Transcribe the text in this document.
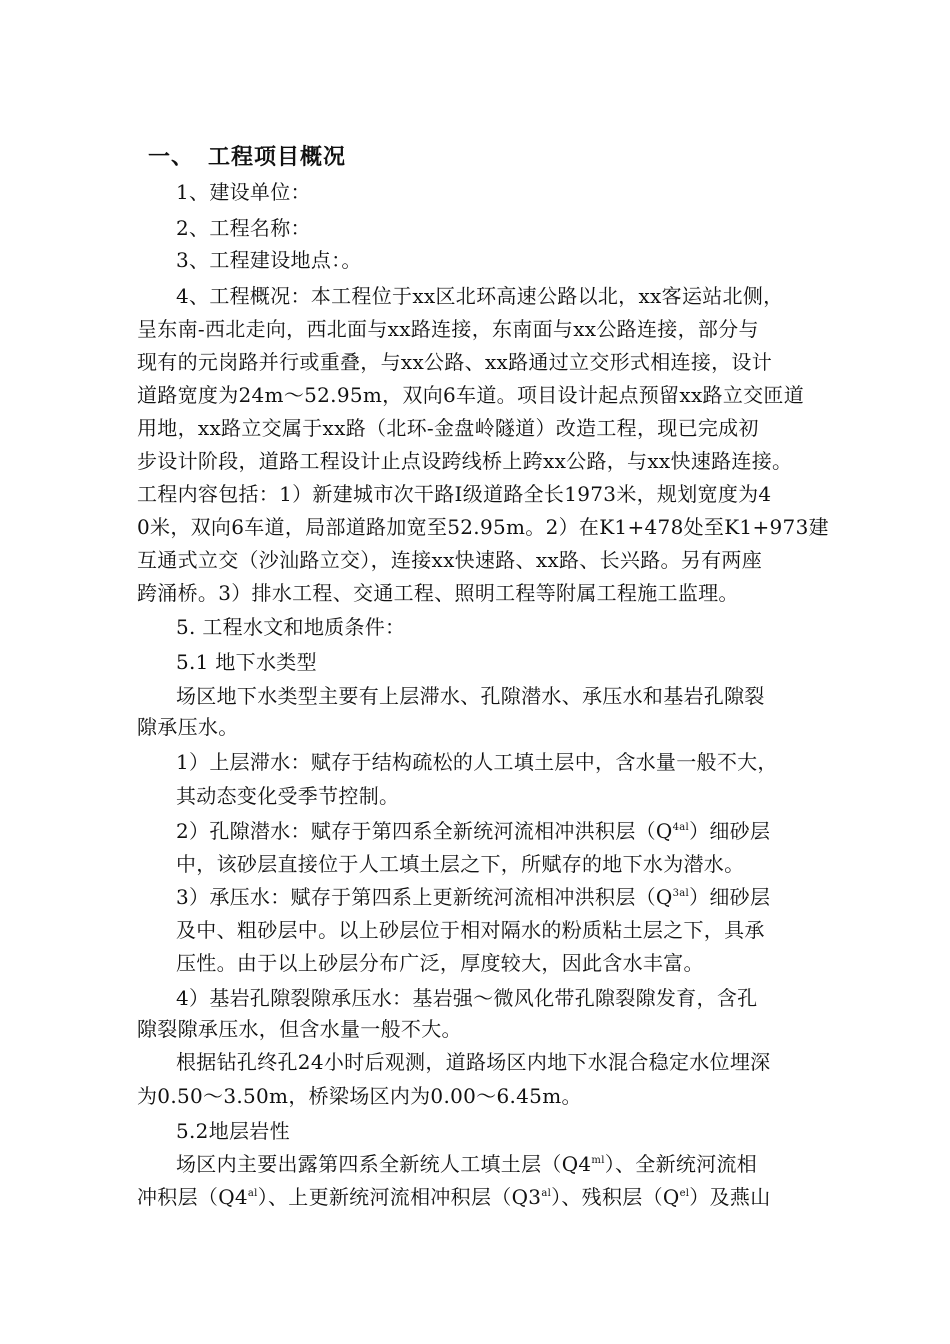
一、 工程项目概况
1、建设单位：
2、工程名称：
3、工程建设地点：。
4、工程概况：本工程位于xx区北环高速公路以北，xx客运站北侧，
呈东南-西北走向，西北面与xx路连接，东南面与xx公路连接，部分与
现有的元岗路并行或重叠，与xx公路、xx路通过立交形式相连接，设计
道路宽度为24m～52.95m，双向6车道。项目设计起点预留xx路立交匝道
用地，xx路立交属于xx路（北环-金盘岭隧道）改造工程，现已完成初
步设计阶段，道路工程设计止点设跨线桥上跨xx公路，与xx快速路连接。
工程内容包括：1）新建城市次干路Ⅰ级道路全长1973米，规划宽度为4
0米，双向6车道，局部道路加宽至52.95m。2）在K1+478处至K1+973建
互通式立交（沙汕路立交），连接xx快速路、xx路、长兴路。另有两座
跨涌桥。3）排水工程、交通工程、照明工程等附属工程施工监理。
5. 工程水文和地质条件：
5.1 地下水类型
场区地下水类型主要有上层滞水、孔隙潜水、承压水和基岩孔隙裂
隙承压水。
1）上层滞水：赋存于结构疏松的人工填土层中，含水量一般不大，
其动态变化受季节控制。
2）孔隙潜水：赋存于第四系全新统河流相冲洪积层$(Q^{4al})$细砂层
中，该砂层直接位于人工填土层之下，所赋存的地下水为潜水。
3）承压水：赋存于第四系上更新统河流相冲洪积层$(Q^{3al})$细砂层
及中、粗砂层中。以上砂层位于相对隔水的粉质粘土层之下，具承
压性。由于以上砂层分布广泛，厚度较大，因此含水丰富。
4）基岩孔隙裂隙承压水：基岩强～微风化带孔隙裂隙发育，含孔
隙裂隙承压水，但含水量一般不大。
根据钻孔终孔24小时后观测，道路场区内地下水混合稳定水位埋深
为0.50～3.50m，桥梁场区内为0.00～6.45m。
5.2地层岩性
场区内主要出露第四系全新统人工填土层$(Q4^{ml})$、全新统河流相
冲积层$(Q4^{al})$、上更新统河流相冲积层$(Q3^{al})$、残积层$(Q^{el})$及燕山
